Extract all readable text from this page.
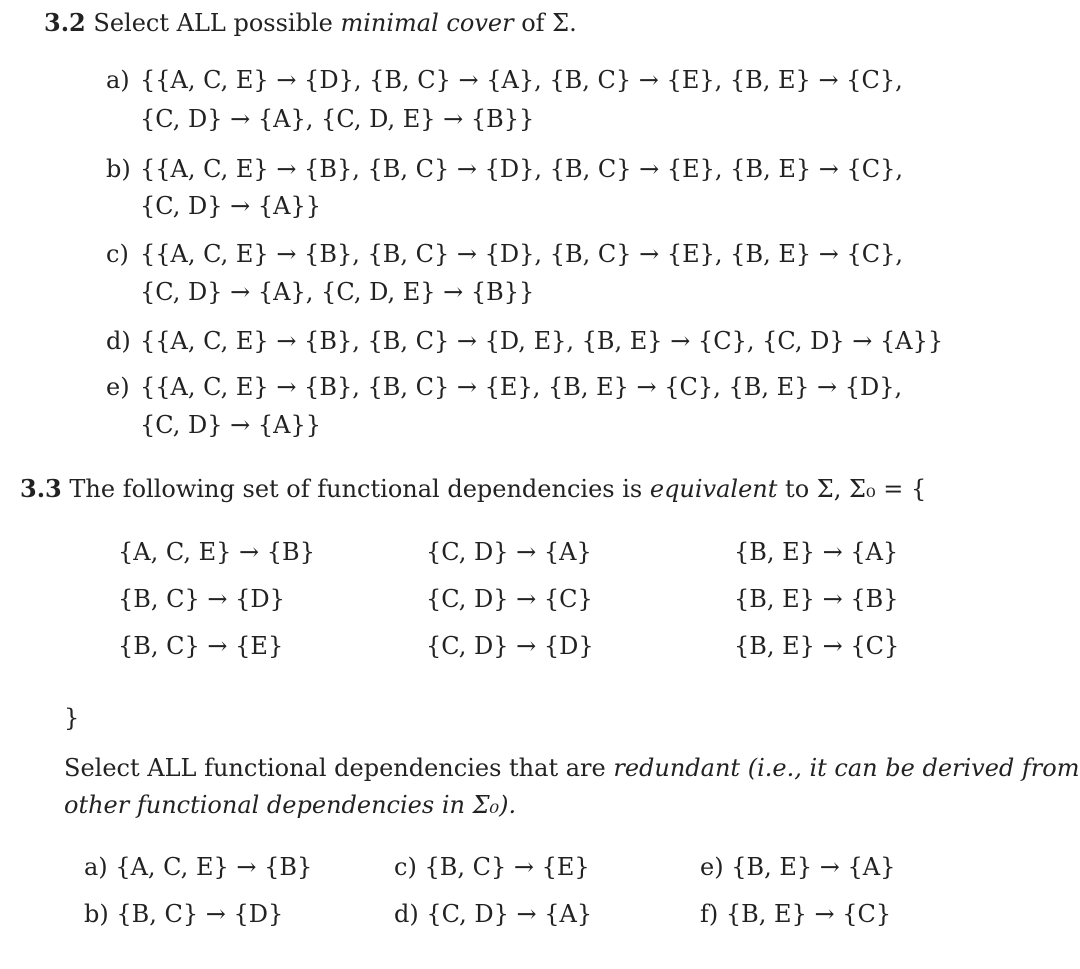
3.2 Select ALL possible minimal cover of Σ.
a) {{A, C, E} → {D}, {B, C} → {A}, {B, C} → {E}, {B, E} → {C},
{C, D} → {A}, {C, D, E} → {B}}
b) {{A, C, E} → {B}, {B, C} → {D}, {B, C} → {E}, {B, E} → {C},
{C, D} → {A}}
c) {{A, C, E} → {B}, {B, C} → {D}, {B, C} → {E}, {B, E} → {C},
{C, D} → {A}, {C, D, E} → {B}}
d) {{A, C, E} → {B}, {B, C} → {D, E}, {B, E} → {C}, {C, D} → {A}}
e) {{A, C, E} → {B}, {B, C} → {E}, {B, E} → {C}, {B, E} → {D},
{C, D} → {A}}
3.3 The following set of functional dependencies is equivalent to Σ, Σ₀ = {
{A, C, E} → {B}	{C, D} → {A}	{B, E} → {A}
{B, C} → {D}	{C, D} → {C}	{B, E} → {B}
{B, C} → {E}	{C, D} → {D}	{B, E} → {C}
}
Select ALL functional dependencies that are redundant (i.e., it can be derived from
other functional dependencies in Σ₀).
a) {A, C, E} → {B}
b) {B, C} → {D}
c) {B, C} → {E}
d) {C, D} → {A}
e) {B, E} → {A}
f) {B, E} → {C}
